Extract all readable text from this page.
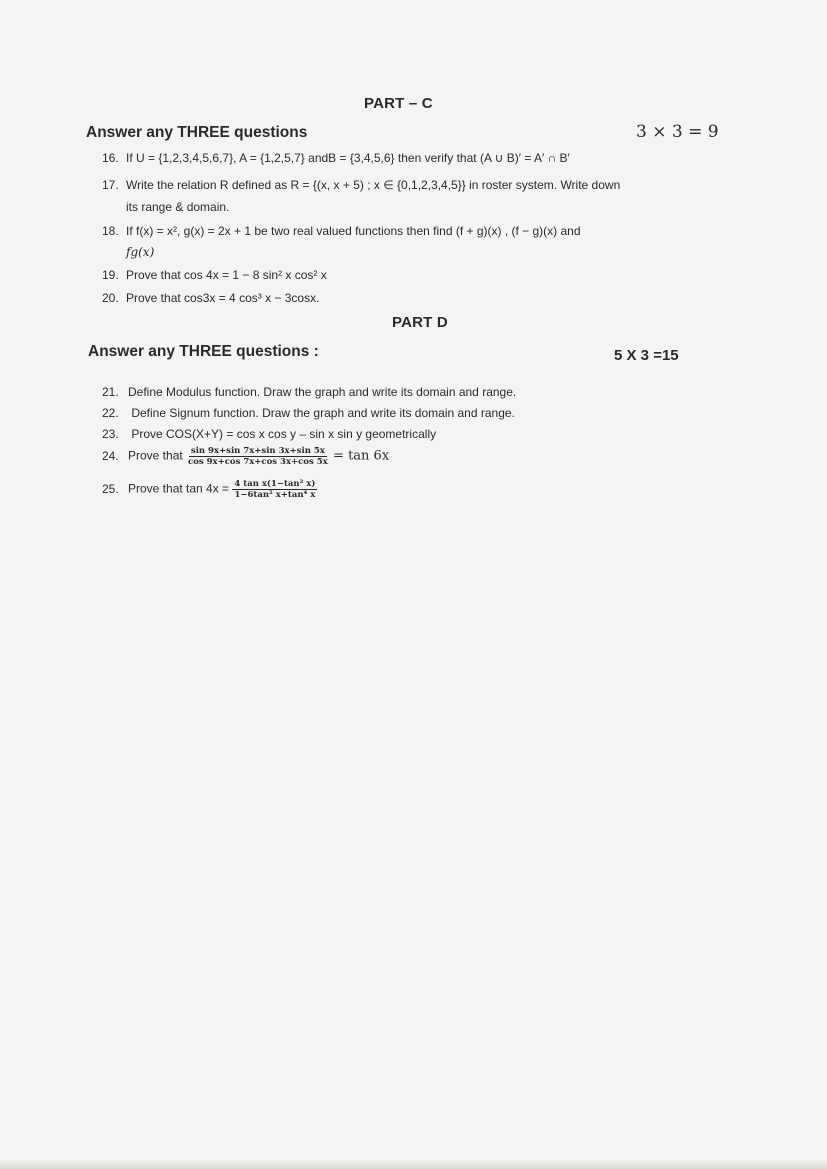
PART – C
Answer any THREE questions	3 × 3 = 9
16. If U = {1,2,3,4,5,6,7}, A = {1,2,5,7} andB = {3,4,5,6} then verify that (A ∪ B)′ = A′ ∩ B′
17. Write the relation R defined as R = {(x, x + 5) ; x ∈ {0,1,2,3,4,5}} in roster system. Write down
its range & domain.
18. If f(x) = x², g(x) = 2x + 1 be two real valued functions then find (f + g)(x) , (f − g)(x) and
fg(x)
19. Prove that cos 4x = 1 − 8 sin² x cos² x
20. Prove that cos3x = 4 cos³ x − 3cosx.
PART D
Answer any THREE questions :	5 X 3 =15
21. Define Modulus function. Draw the graph and write its domain and range.
22. Define Signum function. Draw the graph and write its domain and range.
23. Prove COS(X+Y) = cos x cos y – sin x sin y geometrically
24. Prove that $\frac{\sin 9x+\sin 7x+\sin 3x+\sin 5x}{\cos 9x+\cos 7x+\cos 3x+\cos 5x} = \tan 6x$
25. Prove that $\tan 4x = \frac{\text{4 tan x(1−tan² x)}}{\text{1−6tan² x+tan⁴ x}}$
